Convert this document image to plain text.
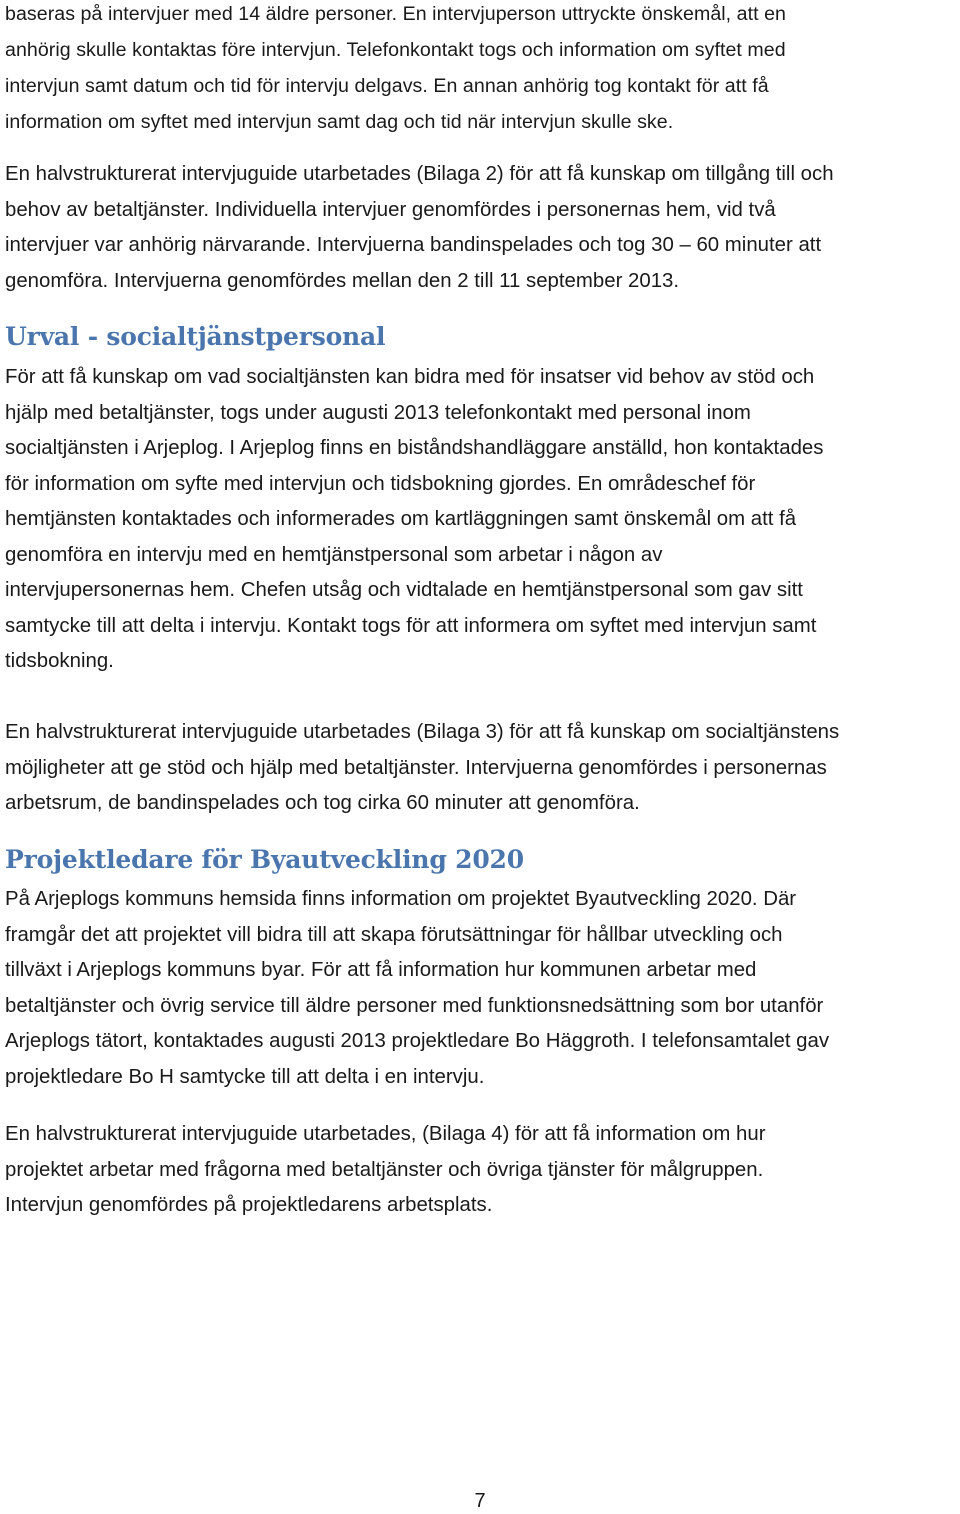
baseras på intervjuer med 14 äldre personer. En intervjuperson uttryckte önskemål, att en
anhörig skulle kontaktas före intervjun. Telefonkontakt togs och information om syftet med
intervjun samt datum och tid för intervju delgavs. En annan anhörig tog kontakt för att få
information om syftet med intervjun samt dag och tid när intervjun skulle ske.
En halvstrukturerat intervjuguide utarbetades (Bilaga 2) för att få kunskap om tillgång till och
behov av betaltjänster. Individuella intervjuer genomfördes i personernas hem, vid två
intervjuer var anhörig närvarande. Intervjuerna bandinspelades och tog 30 – 60 minuter att
genomföra. Intervjuerna genomfördes mellan den 2 till 11 september 2013.
Urval - socialtjänstpersonal
För att få kunskap om vad socialtjänsten kan bidra med för insatser vid behov av stöd och
hjälp med betaltjänster, togs under augusti 2013 telefonkontakt med personal inom
socialtjänsten i Arjeplog. I Arjeplog finns en biståndshandläggare anställd, hon kontaktades
för information om syfte med intervjun och tidsbokning gjordes. En områdeschef för
hemtjänsten kontaktades och informerades om kartläggningen samt önskemål om att få
genomföra en intervju med en hemtjänstpersonal som arbetar i någon av
intervjupersonernas hem. Chefen utsåg och vidtalade en hemtjänstpersonal som gav sitt
samtycke till att delta i intervju. Kontakt togs för att informera om syftet med intervjun samt
tidsbokning.
En halvstrukturerat intervjuguide utarbetades (Bilaga 3) för att få kunskap om socialtjänstens
möjligheter att ge stöd och hjälp med betaltjänster. Intervjuerna genomfördes i personernas
arbetsrum, de bandinspelades och tog cirka 60 minuter att genomföra.
Projektledare för Byautveckling 2020
På Arjeplogs kommuns hemsida finns information om projektet Byautveckling 2020. Där
framgår det att projektet vill bidra till att skapa förutsättningar för hållbar utveckling och
tillväxt i Arjeplogs kommuns byar. För att få information hur kommunen arbetar med
betaltjänster och övrig service till äldre personer med funktionsnedsättning som bor utanför
Arjeplogs tätort, kontaktades augusti 2013 projektledare Bo Häggroth. I telefonsamtalet gav
projektledare Bo H samtycke till att delta i en intervju.
En halvstrukturerat intervjuguide utarbetades, (Bilaga 4) för att få information om hur
projektet arbetar med frågorna med betaltjänster och övriga tjänster för målgruppen.
Intervjun genomfördes på projektledarens arbetsplats.
7
